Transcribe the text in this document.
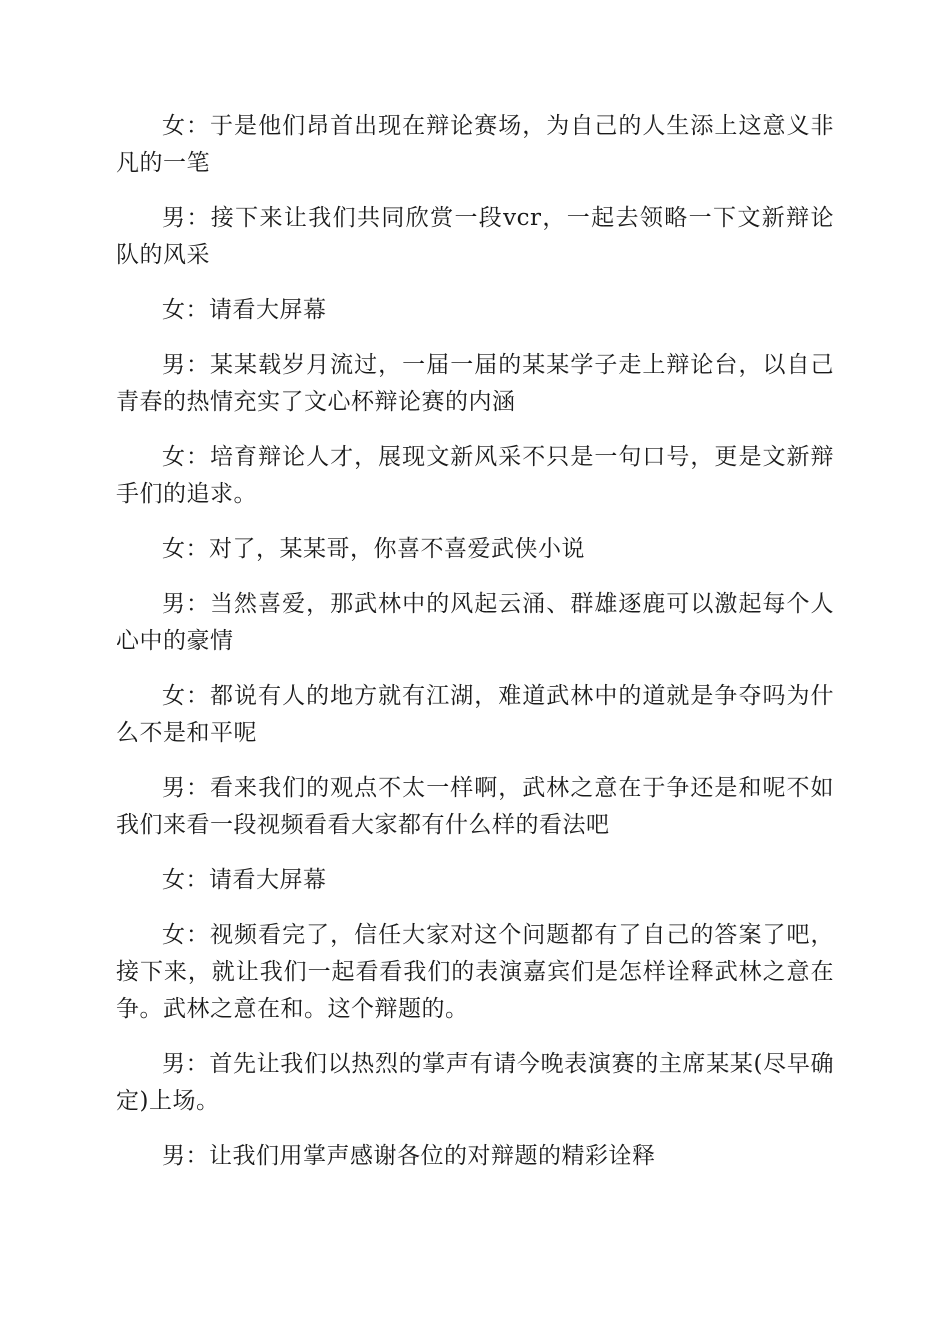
女：于是他们昂首出现在辩论赛场，为自己的人生添上这意义非凡的一笔

男：接下来让我们共同欣赏一段vcr，一起去领略一下文新辩论队的风采

女：请看大屏幕

男：某某载岁月流过，一届一届的某某学子走上辩论台，以自己青春的热情充实了文心杯辩论赛的内涵

女：培育辩论人才，展现文新风采不只是一句口号，更是文新辩手们的追求。

女：对了，某某哥，你喜不喜爱武侠小说

男：当然喜爱，那武林中的风起云涌、群雄逐鹿可以激起每个人心中的豪情

女：都说有人的地方就有江湖，难道武林中的道就是争夺吗为什么不是和平呢

男：看来我们的观点不太一样啊，武林之意在于争还是和呢不如我们来看一段视频看看大家都有什么样的看法吧

女：请看大屏幕

女：视频看完了，信任大家对这个问题都有了自己的答案了吧，接下来，就让我们一起看看我们的表演嘉宾们是怎样诠释武林之意在争。武林之意在和。这个辩题的。

男：首先让我们以热烈的掌声有请今晚表演赛的主席某某(尽早确定)上场。

男：让我们用掌声感谢各位的对辩题的精彩诠释
